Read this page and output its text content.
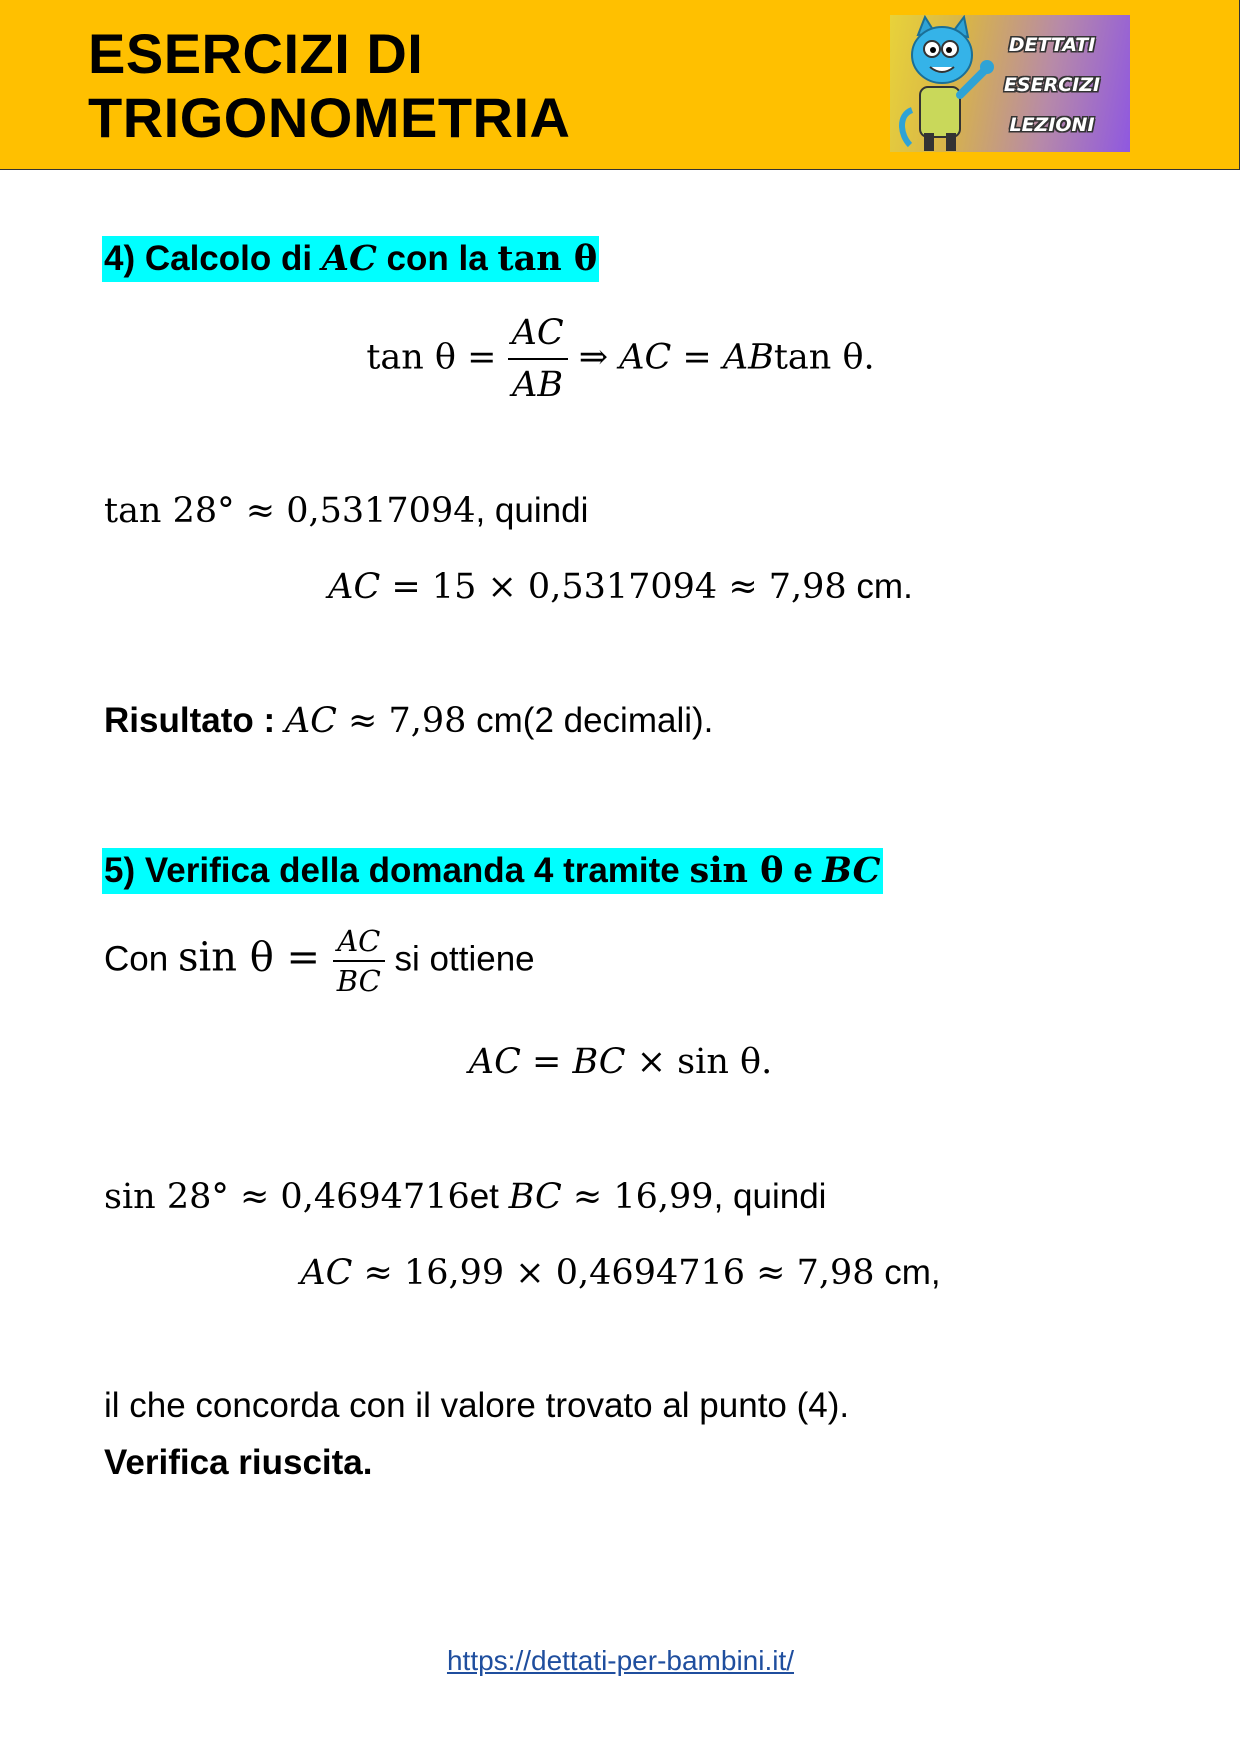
ESERCIZI DI
TRIGONOMETRIA
DETTATI
ESERCIZI
LEZIONI
4) Calcolo di AC con la tan θ
$\tan \theta = \frac{AC}{AB}$ ⇒ AC = ABtan θ.

tan 28° ≈ 0,5317094, quindi

AC = 15 × 0,5317094 ≈ 7,98 cm.

Risultato : AC ≈ 7,98 cm(2 decimali).

5) Verifica della domanda 4 tramite sin θ e BC

Con $\sin \theta = \frac{AC}{BC}$ si ottiene

AC = BC × sin θ.

sin 28° ≈ 0,4694716et BC ≈ 16,99, quindi

AC ≈ 16,99 × 0,4694716 ≈ 7,98 cm,

il che concorda con il valore trovato al punto (4).

Verifica riuscita.

https://dettati-per-bambini.it/
